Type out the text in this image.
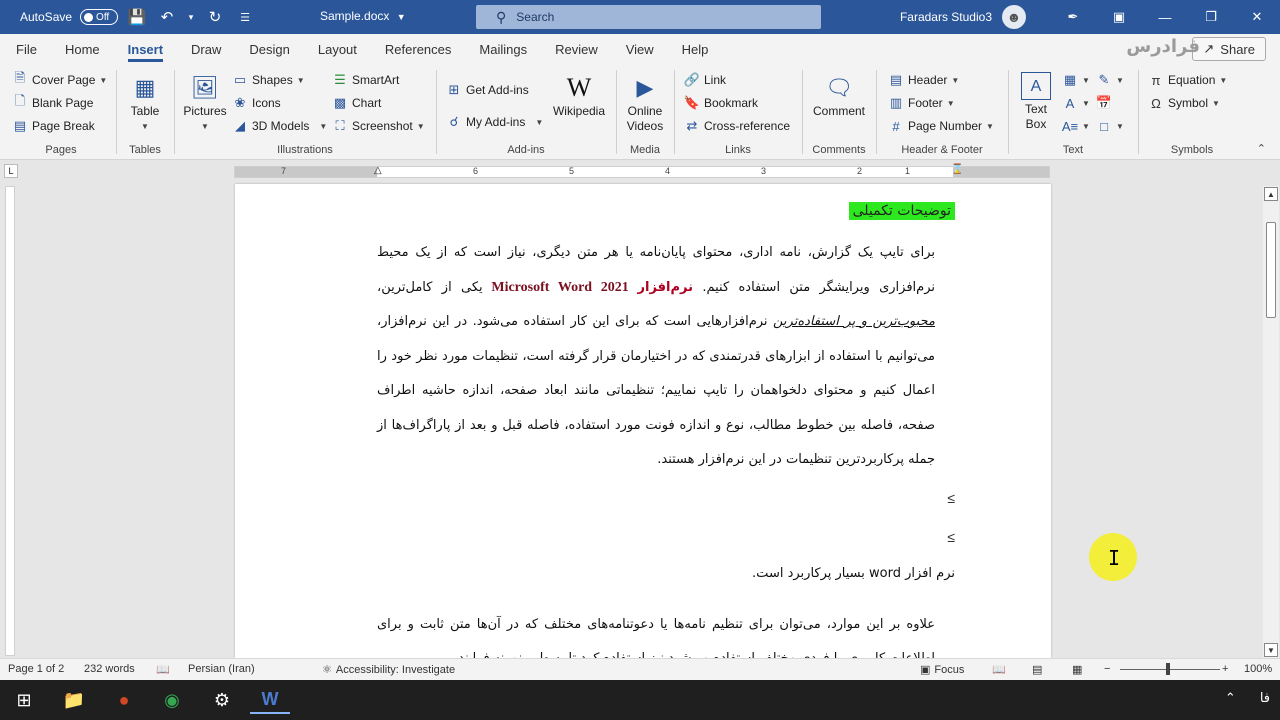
AutoSave Off 💾 ↶	▾	↻	☰	Sample.docx ▼	⚲ Search	Faradars Studio3	☻	✒	▣	—	❐	✕
File	Home	Insert	Draw	Design	Layout	References	Mailings	Review	View	Help	↗ Share
فرادرس
🗎 Cover Page ▼
🗋 Blank Page
▤ Page Break
Pages
▦
Table
▼
Tables
🖼
Pictures
▼
▭ Shapes ▼
❀ Icons
◢ 3D Models ▼
☰ SmartArt
▩ Chart
⛶ Screenshot ▼
Illustrations
⊞ Get Add-ins
☌ My Add-ins ▼
W
Wikipedia
Add-ins
▶
Online
Videos
Media
🔗 Link
🔖 Bookmark
⇄ Cross-reference
Links
🗨
Comment
Comments
▤ Header ▼
▥ Footer ▼
# Page Number ▼
Header & Footer
A
Text
Box
▦ ▼
A ▼
A≡ ▼
✎ ▼
📅
□	▼
Text
π Equation ▼
Ω Symbol ▼
Symbols	⌃
L	7	6	5	4	3	2	1
△	⌛
توضیحات تکمیلی
برای تایپ یک گزارش، نامه اداری، محتوای پایان‌نامه یا هر متن دیگری، نیاز است که از یک محیط نرم‌افزاری ویرایشگر متن استفاده کنیم. نرم‌افزار Microsoft Word 2021 یکی از کامل‌ترین، محبوب‌ترین و پر استفاده‌ترین نرم‌افزارهایی است که برای این کار استفاده می‌شود. در این نرم‌افزار، می‌توانیم با استفاده از ابزارهای قدرتمندی که در اختیارمان قرار گرفته است، تنظیمات مورد نظر خود را اعمال کنیم و محتوای دلخواهمان را تایپ نماییم؛ تنظیماتی مانند ابعاد صفحه، اندازه حاشیه اطراف صفحه، فاصله بین خطوط مطالب، نوع و اندازه فونت مورد استفاده، فاصله قبل و بعد از پاراگراف‌ها از جمله پرکاربردترین تنظیمات در این نرم‌افزار هستند.
≤
≤
نرم افزار word بسیار پرکاربرد است.
علاوه بر این موارد، می‌توان برای تنظیم نامه‌ها یا دعوتنامه‌های مختلف که در آن‌ها متن ثابت و برای
▲
▼
I
Page 1 of 2 232 words 📖 Persian (Iran)	⚛ Accessibility: Investigate	▣ Focus	📖 ▤	▦ −	+ 100%
⊞	📁	●	◉	⚙	W	⌃ فا
